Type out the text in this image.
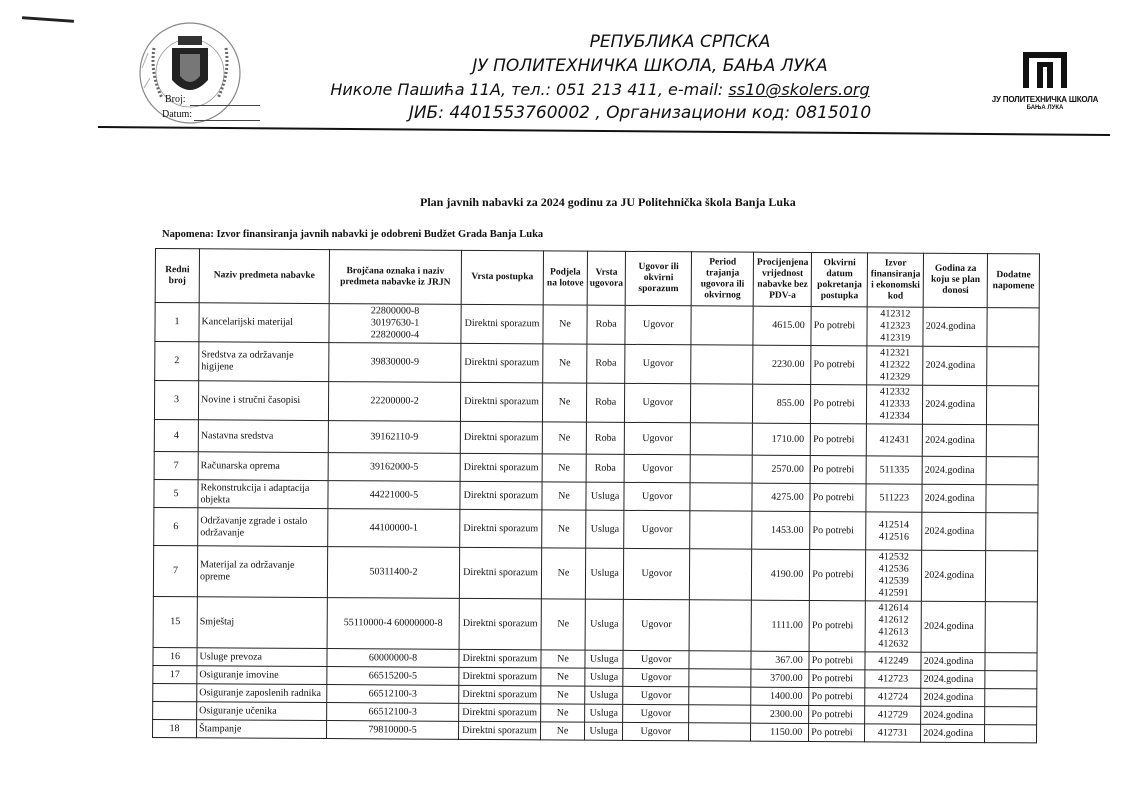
Broj:
Datum:
РЕПУБЛИКА СРПСКА
ЈУ ПОЛИТЕХНИЧКА ШКОЛА, БАЊА ЛУКА
Николе Пашића 11А, тел.: 051 213 411, e-mail: ss10@skolers.org
ЈИБ: 4401553760002 , Организациони код: 0815010
ЈУ ПОЛИТЕХНИЧКА ШКОЛА
БАЊА ЛУКА
Plan javnih nabavki za 2024 godinu za JU Politehnička škola Banja Luka
Napomena: Izvor finansiranja javnih nabavki je odobreni Budžet Grada Banja Luka
Redni broj	Naziv predmeta nabavke	Brojčana oznaka i naziv predmeta nabavke iz JRJN	Vrsta postupka	Podjela na lotove	Vrsta ugovora	Ugovor ili okvirni sporazum	Period trajanja ugovora ili okvirnog	Procijenjena vrijednost nabavke bez PDV-a	Okvirni datum pokretanja postupka	Izvor finansiranja i ekonomski kod	Godina za koju se plan donosi	Dodatne napomene
1	Kancelarijski materijal	22800000-8
30197630-1
22820000-4	Direktni sporazum	Ne	Roba	Ugovor		4615.00	Po potrebi	412312
412323
412319	2024.godina	
2	Sredstva za održavanje higijene	39830000-9	Direktni sporazum	Ne	Roba	Ugovor		2230.00	Po potrebi	412321
412322
412329	2024.godina	
3	Novine i stručni časopisi	22200000-2	Direktni sporazum	Ne	Roba	Ugovor		855.00	Po potrebi	412332
412333
412334	2024.godina	
4	Nastavna sredstva	39162110-9	Direktni sporazum	Ne	Roba	Ugovor		1710.00	Po potrebi	412431	2024.godina	
7	Računarska oprema	39162000-5	Direktni sporazum	Ne	Roba	Ugovor		2570.00	Po potrebi	511335	2024.godina	
5	Rekonstrukcija i adaptacija objekta	44221000-5	Direktni sporazum	Ne	Usluga	Ugovor		4275.00	Po potrebi	511223	2024.godina	
6	Održavanje zgrade i ostalo održavanje	44100000-1	Direktni sporazum	Ne	Usluga	Ugovor		1453.00	Po potrebi	412514
412516	2024.godina	
7	Materijal za održavanje opreme	50311400-2	Direktni sporazum	Ne	Usluga	Ugovor		4190.00	Po potrebi	412532
412536
412539
412591	2024.godina	
15	Smještaj	55110000-4 60000000-8	Direktni sporazum	Ne	Usluga	Ugovor		1111.00	Po potrebi	412614
412612
412613
412632	2024.godina	
16	Usluge prevoza	60000000-8	Direktni sporazum	Ne	Usluga	Ugovor		367.00	Po potrebi	412249	2024.godina	
17	Osiguranje imovine	66515200-5	Direktni sporazum	Ne	Usluga	Ugovor		3700.00	Po potrebi	412723	2024.godina	
	Osiguranje zaposlenih radnika	66512100-3	Direktni sporazum	Ne	Usluga	Ugovor		1400.00	Po potrebi	412724	2024.godina	
	Osiguranje učenika	66512100-3	Direktni sporazum	Ne	Usluga	Ugovor		2300.00	Po potrebi	412729	2024.godina	
18	Štampanje	79810000-5	Direktni sporazum	Ne	Usluga	Ugovor		1150.00	Po potrebi	412731	2024.godina	
